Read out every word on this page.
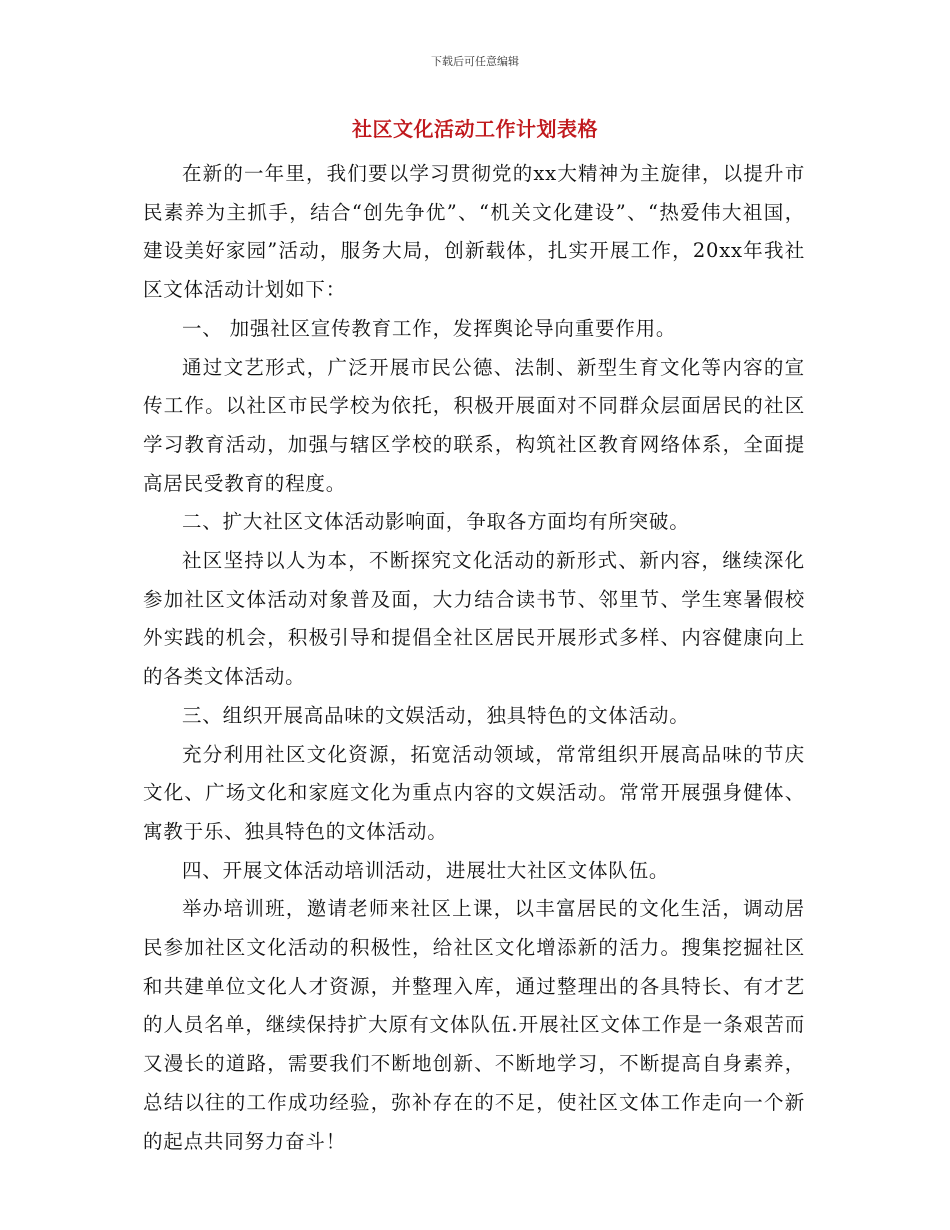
下载后可任意编辑
社区文化活动工作计划表格

在新的一年里，我们要以学习贯彻党的xx大精神为主旋律，以提升市民素养为主抓手，结合“创先争优”、“机关文化建设”、“热爱伟大祖国，建设美好家园”活动，服务大局，创新载体，扎实开展工作，20xx年我社区文体活动计划如下：

一、 加强社区宣传教育工作，发挥舆论导向重要作用。

通过文艺形式，广泛开展市民公德、法制、新型生育文化等内容的宣传工作。以社区市民学校为依托，积极开展面对不同群众层面居民的社区学习教育活动，加强与辖区学校的联系，构筑社区教育网络体系，全面提高居民受教育的程度。

二、扩大社区文体活动影响面，争取各方面均有所突破。

社区坚持以人为本，不断探究文化活动的新形式、新内容，继续深化参加社区文体活动对象普及面，大力结合读书节、邻里节、学生寒暑假校外实践的机会，积极引导和提倡全社区居民开展形式多样、内容健康向上的各类文体活动。

三、组织开展高品味的文娱活动，独具特色的文体活动。

充分利用社区文化资源，拓宽活动领域，常常组织开展高品味的节庆文化、广场文化和家庭文化为重点内容的文娱活动。常常开展强身健体、寓教于乐、独具特色的文体活动。

四、开展文体活动培训活动，进展壮大社区文体队伍。

举办培训班，邀请老师来社区上课，以丰富居民的文化生活，调动居民参加社区文化活动的积极性，给社区文化增添新的活力。搜集挖掘社区和共建单位文化人才资源，并整理入库，通过整理出的各具特长、有才艺的人员名单，继续保持扩大原有文体队伍.开展社区文体工作是一条艰苦而又漫长的道路，需要我们不断地创新、不断地学习，不断提高自身素养，总结以往的工作成功经验，弥补存在的不足，使社区文体工作走向一个新的起点共同努力奋斗！
